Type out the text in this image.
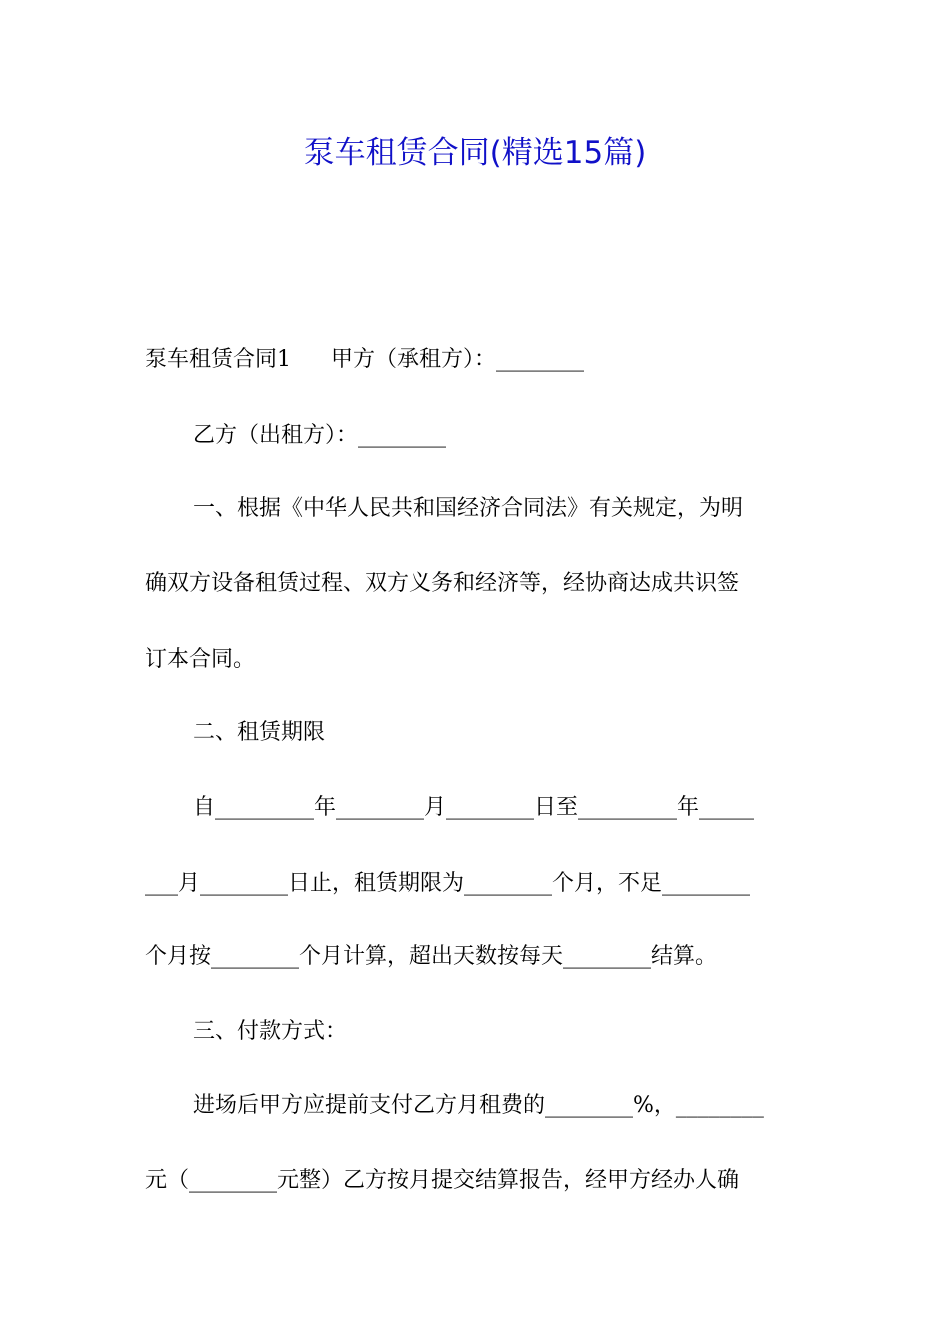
泵车租赁合同(精选15篇)
泵车租赁合同1 甲方（承租方）：________
乙方（出租方）：________
一、根据《中华人民共和国经济合同法》有关规定，为明
确双方设备租赁过程、双方义务和经济等，经协商达成共识签
订本合同。
二、租赁期限
自_________年________月________日至_________年_____
___月________日止，租赁期限为________个月，不足________
个月按________个月计算，超出天数按每天________结算。
三、付款方式：
进场后甲方应提前支付乙方月租费的________%，________
元（________元整）乙方按月提交结算报告，经甲方经办人确
